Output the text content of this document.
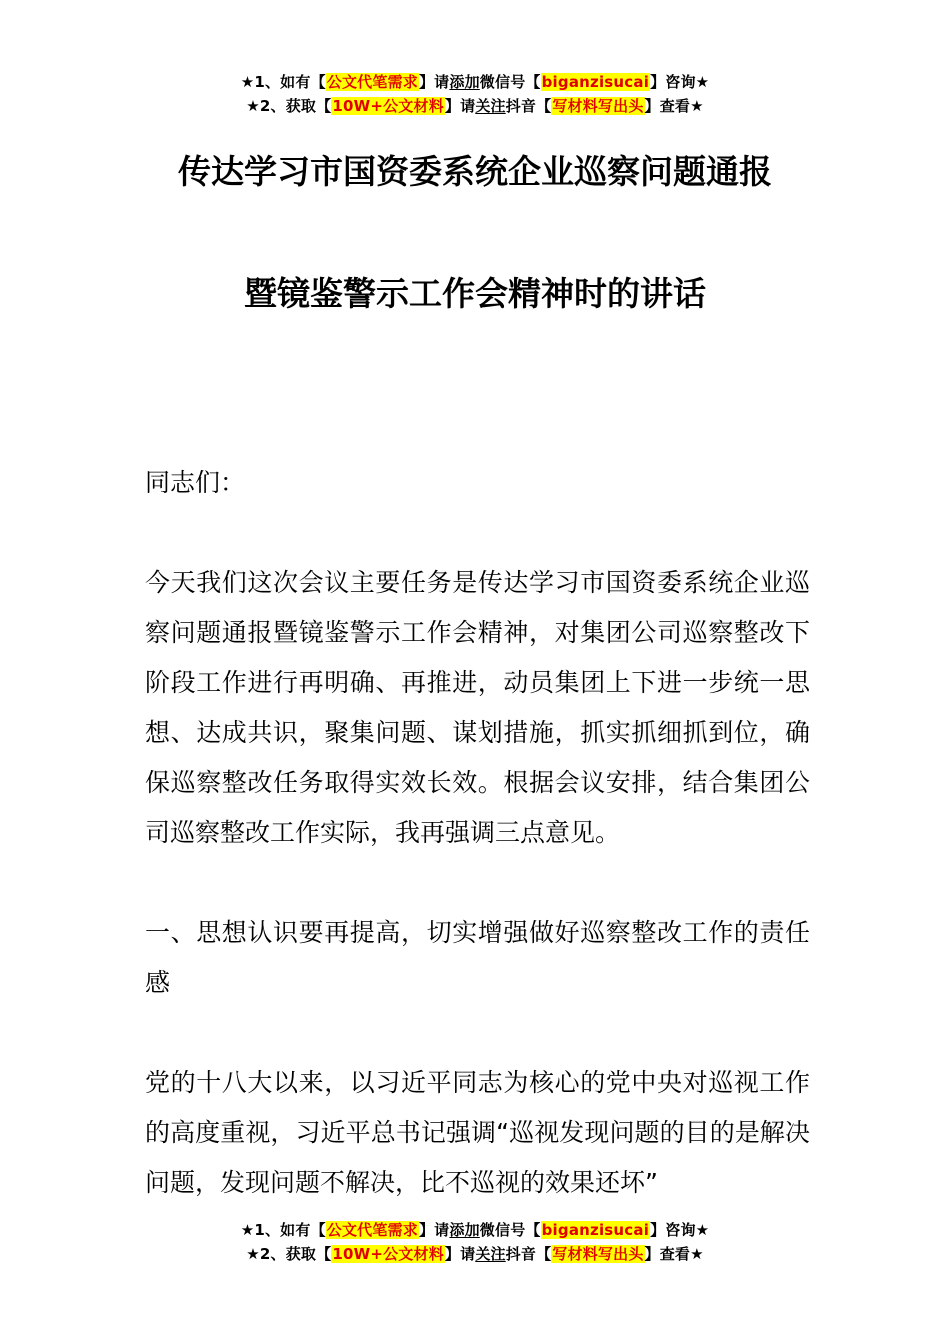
★1、如有【公文代笔需求】请添加微信号【biganzisucai】咨询★
★2、获取【10W+公文材料】请关注抖音【写材料写出头】查看★
传达学习市国资委系统企业巡察问题通报
暨镜鉴警示工作会精神时的讲话
同志们：
今天我们这次会议主要任务是传达学习市国资委系统企业巡察问题通报暨镜鉴警示工作会精神，对集团公司巡察整改下阶段工作进行再明确、再推进，动员集团上下进一步统一思想、达成共识，聚集问题、谋划措施，抓实抓细抓到位，确保巡察整改任务取得实效长效。根据会议安排，结合集团公司巡察整改工作实际，我再强调三点意见。
一、思想认识要再提高，切实增强做好巡察整改工作的责任感
党的十八大以来，以习近平同志为核心的党中央对巡视工作的高度重视，习近平总书记强调“巡视发现问题的目的是解决问题，发现问题不解决，比不巡视的效果还坏”
★1、如有【公文代笔需求】请添加微信号【biganzisucai】咨询★
★2、获取【10W+公文材料】请关注抖音【写材料写出头】查看★
